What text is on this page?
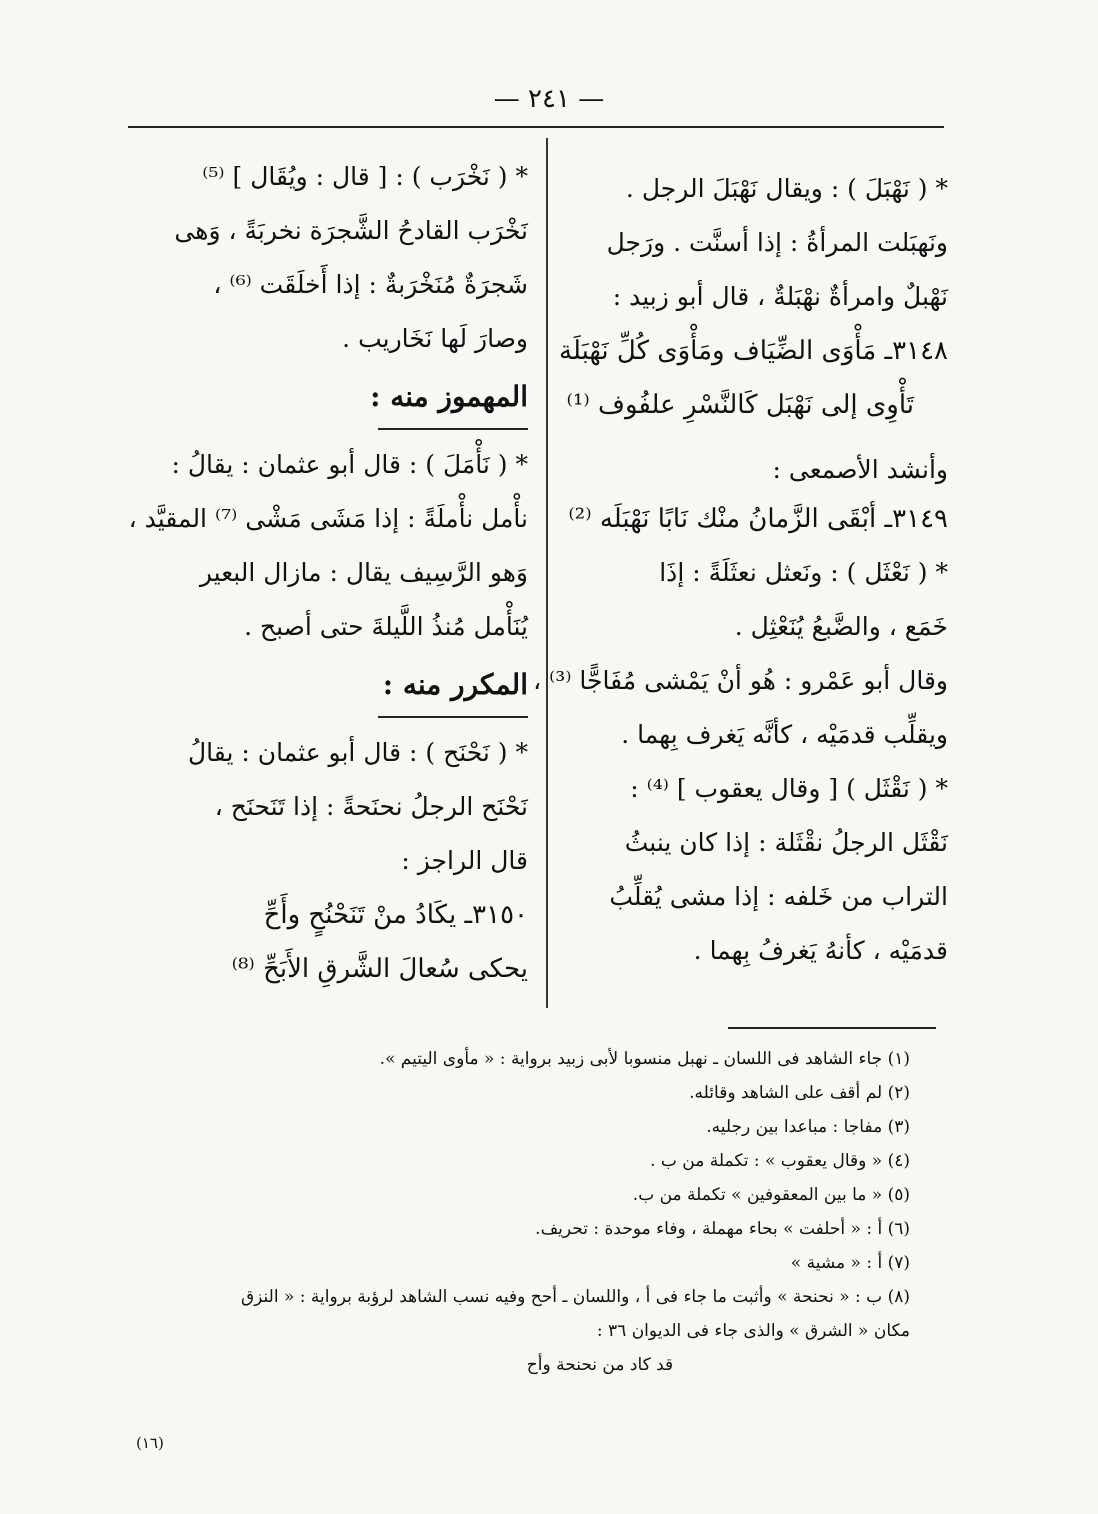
— ٢٤١ —
* ( نَهْبَلَ ) : ويقال نَهْبَلَ الرجل .
ونَهبَلت المرأةُ : إذا أسنَّت . ورَجل
نَهْبلٌ وامرأةٌ نهْبَلةٌ ، قال أبو زبيد :
٣١٤٨ـ مَأْوَى الضِّيَاف ومَأْوَى كُلِّ نَهْبَلَة
تَأْوِى إلى نَهْبَل كَالنَّسْرِ علفُوف ⁽¹⁾
وأنشد الأصمعى :
٣١٤٩ـ أبْقَى الزَّمانُ منْك نَابًا نَهْبَلَه ⁽²⁾
* ( نَعْثَل ) : ونَعثل نعثَلَةً : إذَا
خَمَع ، والضَّبعُ يُنَعْثِل .
وقال أبو عَمْرو : هُو أنْ يَمْشى مُفَاجًّا ⁽³⁾ ،
ويقلِّب قدمَيْه ، كأنَّه يَغرف بِهما .
* ( نَقْثَل ) [ وقال يعقوب ] ⁽⁴⁾ :
نَقْثَل الرجلُ نقْثَلة : إذا كان ينبثُ
التراب من خَلفه : إذا مشى يُقلِّبُ
قدمَيْه ، كأنهُ يَغرفُ بِهما .
* ( نَخْرَب ) : [ قال : ويُقَال ] ⁽⁵⁾
نَخْرَب القادحُ الشَّجرَة نخربَةً ، وَهى
شَجرَةٌ مُنَخْرَبةٌ : إذا أَخلَقَت ⁽⁶⁾ ،
وصارَ لَها نَخَاريب .
المهموز منه :
* ( نَأْمَلَ ) : قال أبو عثمان : يقالُ :
نأْمل نأْملَةً : إذا مَشَى مَشْى ⁽⁷⁾ المقيَّد ،
وَهو الرَّسِيف يقال : مازال البعير
يُنَأْمل مُنذُ اللَّيلةَ حتى أصبح .
المكرر منه :
* ( نَحْنَح ) : قال أبو عثمان : يقالُ
نَحْنَح الرجلُ نحنَحةً : إذا تَنَحنَح ،
قال الراجز :
٣١٥٠ـ يكَادُ منْ تَنَحْنُحٍ وأَحِّ
يحكى سُعالَ الشَّرقِ الأَبَحِّ ⁽⁸⁾
(١) جاء الشاهد فى اللسان ـ نهبل منسوبا لأبى زبيد برواية : « مأوى اليتيم ».
(٢) لم أقف على الشاهد وقائله.
(٣) مفاجا : مباعدا بين رجليه.
(٤) « وقال يعقوب » : تكملة من ب .
(٥) « ما بين المعقوفين » تكملة من ب.
(٦) أ : « أحلفت » بحاء مهملة ، وفاء موحدة : تحريف.
(٧) أ : « مشية »
(٨) ب : « نحنحة » وأثبت ما جاء فى أ ، واللسان ـ أحح وفيه نسب الشاهد لرؤبة برواية : « النزق
مكان « الشرق » والذى جاء فى الديوان ٣٦ :
قد كاد من نحنحة وأح
(١٦)
